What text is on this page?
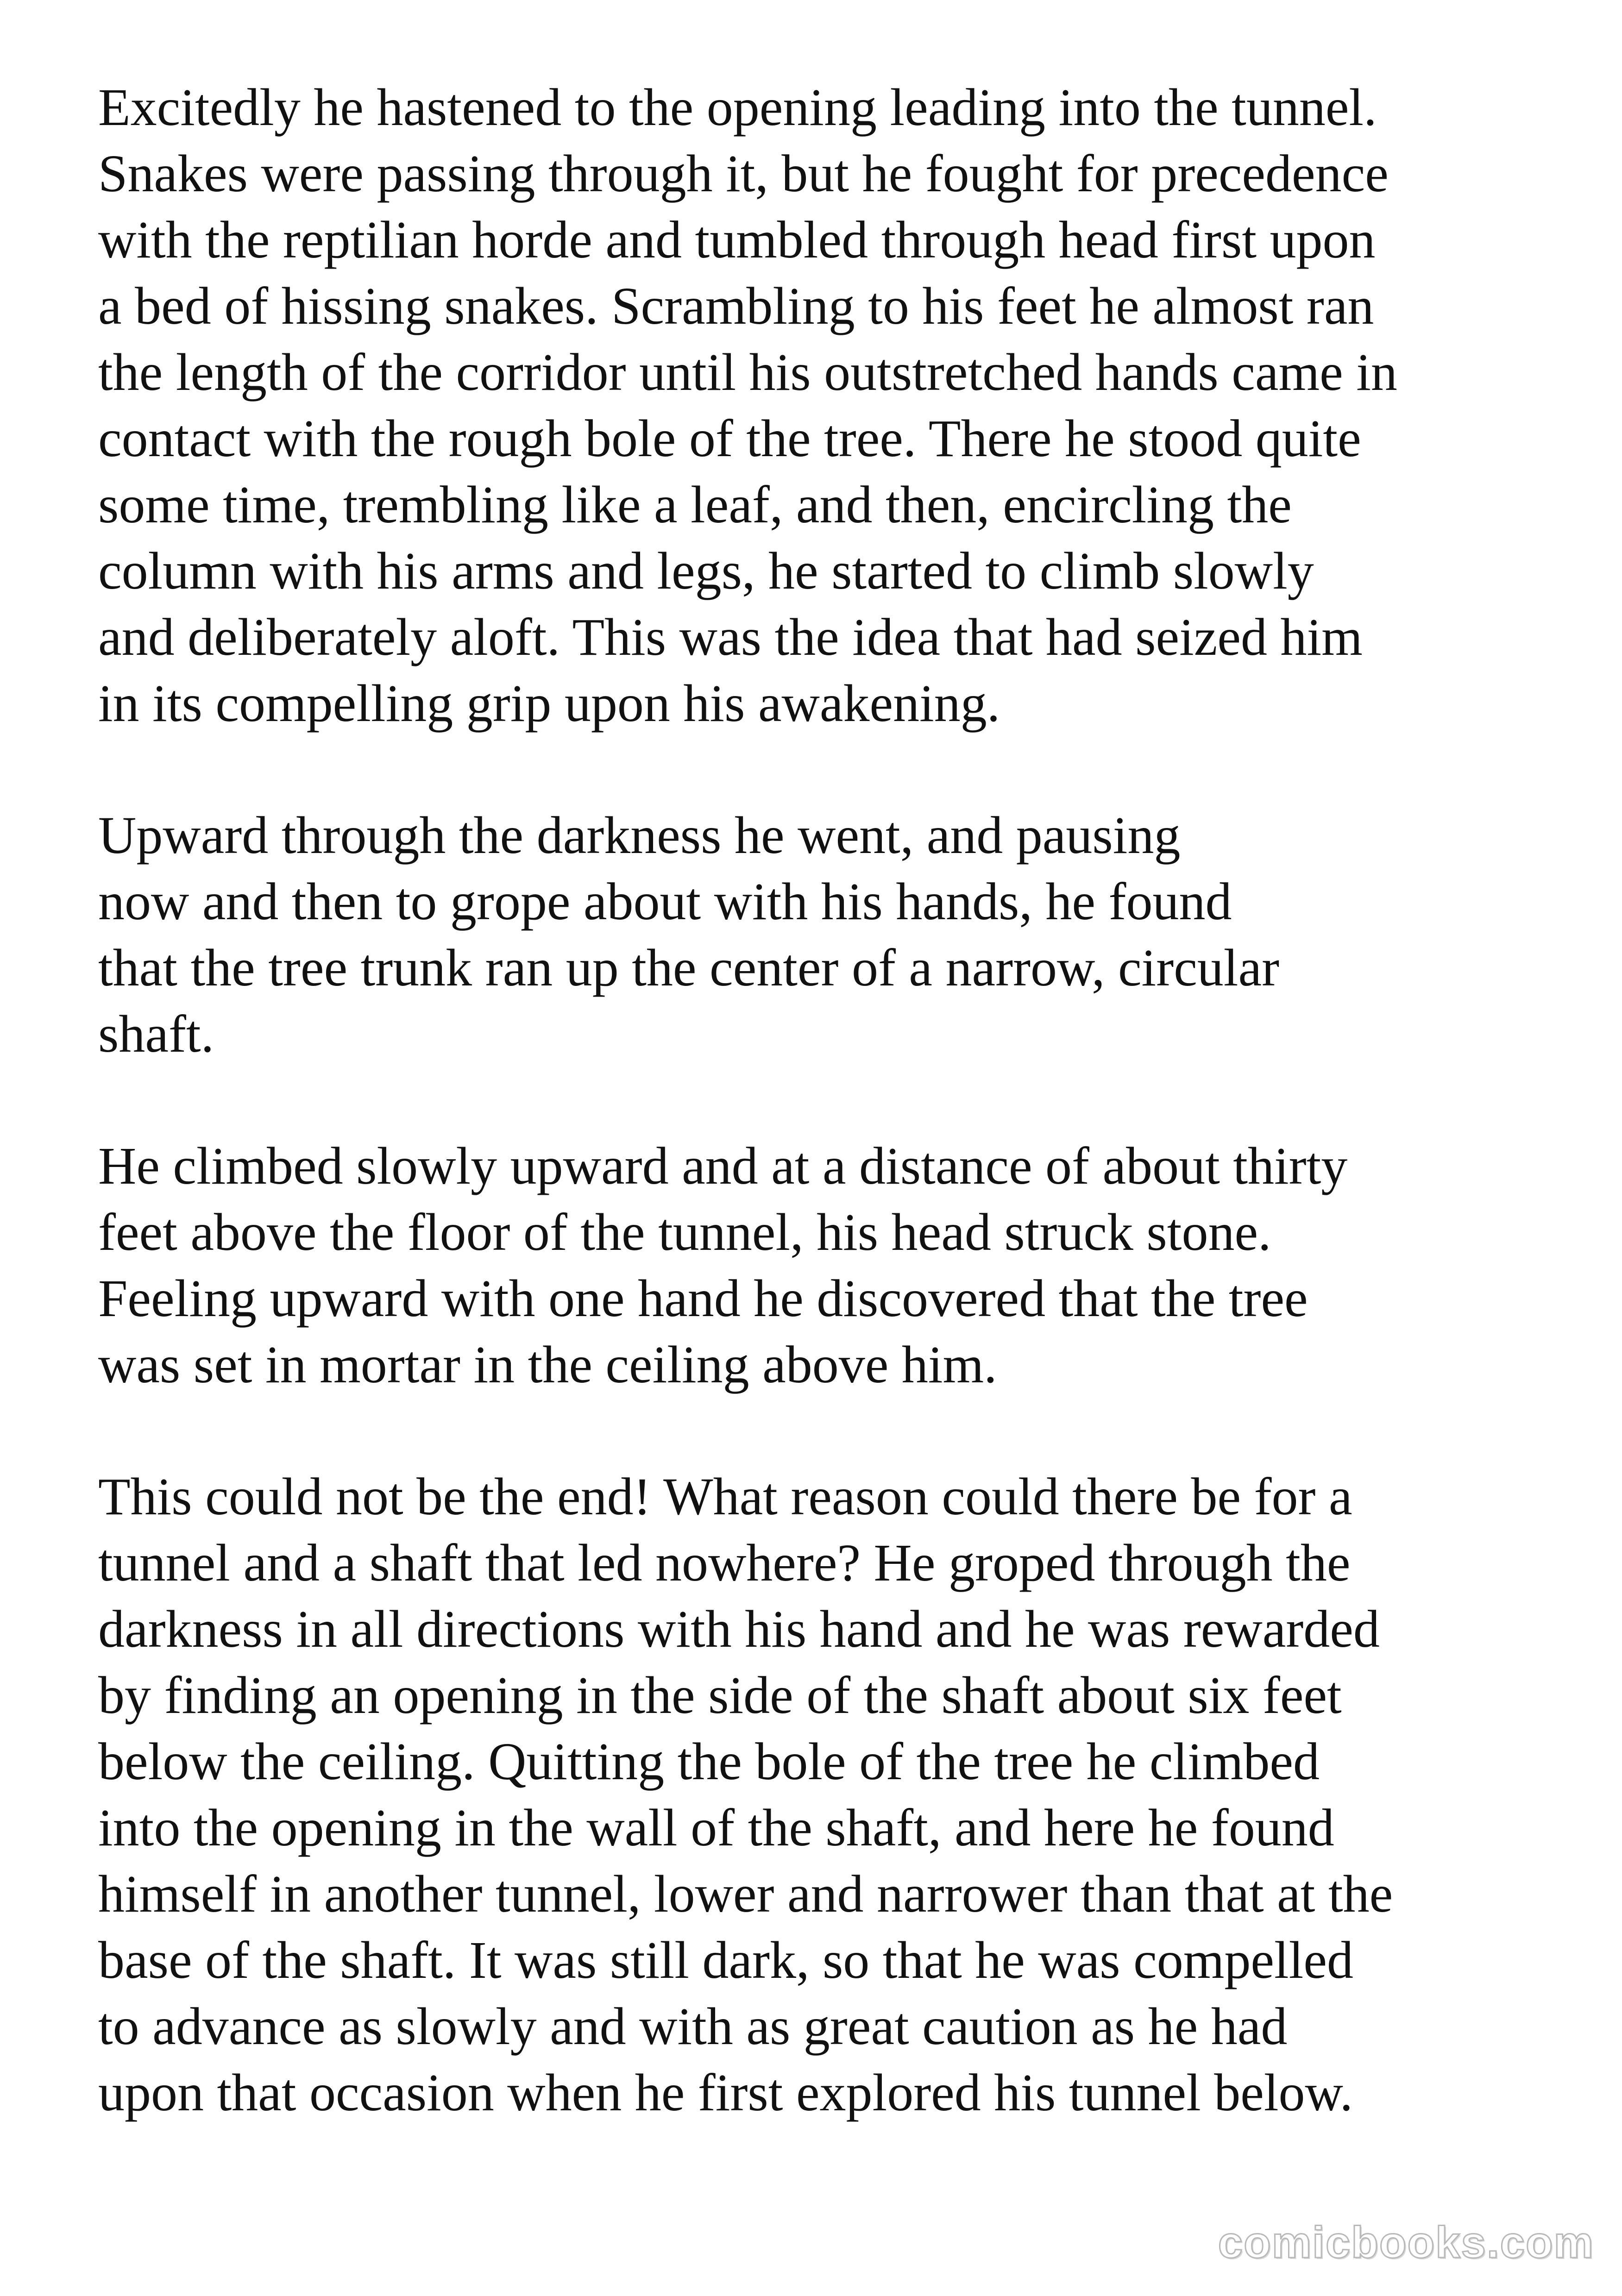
Excitedly he hastened to the opening leading into the tunnel.
Snakes were passing through it, but he fought for precedence
with the reptilian horde and tumbled through head first upon
a bed of hissing snakes. Scrambling to his feet he almost ran
the length of the corridor until his outstretched hands came in
contact with the rough bole of the tree. There he stood quite
some time, trembling like a leaf, and then, encircling the
column with his arms and legs, he started to climb slowly
and deliberately aloft. This was the idea that had seized him
in its compelling grip upon his awakening.

Upward through the darkness he went, and pausing
now and then to grope about with his hands, he found
that the tree trunk ran up the center of a narrow, circular
shaft.

He climbed slowly upward and at a distance of about thirty
feet above the floor of the tunnel, his head struck stone.
Feeling upward with one hand he discovered that the tree
was set in mortar in the ceiling above him.

This could not be the end! What reason could there be for a
tunnel and a shaft that led nowhere? He groped through the
darkness in all directions with his hand and he was rewarded
by finding an opening in the side of the shaft about six feet
below the ceiling. Quitting the bole of the tree he climbed
into the opening in the wall of the shaft, and here he found
himself in another tunnel, lower and narrower than that at the
base of the shaft. It was still dark, so that he was compelled
to advance as slowly and with as great caution as he had
upon that occasion when he first explored his tunnel below.

comicbooks.com
